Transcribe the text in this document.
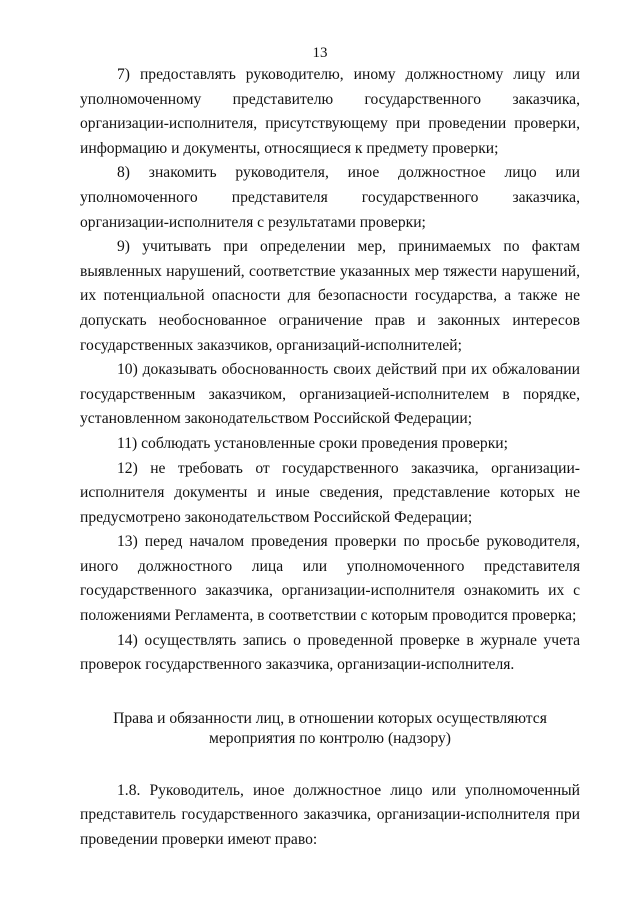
13

7) предоставлять руководителю, иному должностному лицу или уполномоченному представителю государственного заказчика, организации-исполнителя, присутствующему при проведении проверки, информацию и документы, относящиеся к предмету проверки;

8) знакомить руководителя, иное должностное лицо или уполномоченного представителя государственного заказчика, организации-исполнителя с результатами проверки;

9) учитывать при определении мер, принимаемых по фактам выявленных нарушений, соответствие указанных мер тяжести нарушений, их потенциальной опасности для безопасности государства, а также не допускать необоснованное ограничение прав и законных интересов государственных заказчиков, организаций-исполнителей;

10) доказывать обоснованность своих действий при их обжаловании государственным заказчиком, организацией-исполнителем в порядке, установленном законодательством Российской Федерации;

11) соблюдать установленные сроки проведения проверки;

12) не требовать от государственного заказчика, организации-исполнителя документы и иные сведения, представление которых не предусмотрено законодательством Российской Федерации;

13) перед началом проведения проверки по просьбе руководителя, иного должностного лица или уполномоченного представителя государственного заказчика, организации-исполнителя ознакомить их с положениями Регламента, в соответствии с которым проводится проверка;

14) осуществлять запись о проведенной проверке в журнале учета проверок государственного заказчика, организации-исполнителя.

Права и обязанности лиц, в отношении которых осуществляются
мероприятия по контролю (надзору)

1.8. Руководитель, иное должностное лицо или уполномоченный представитель государственного заказчика, организации-исполнителя при проведении проверки имеют право:
